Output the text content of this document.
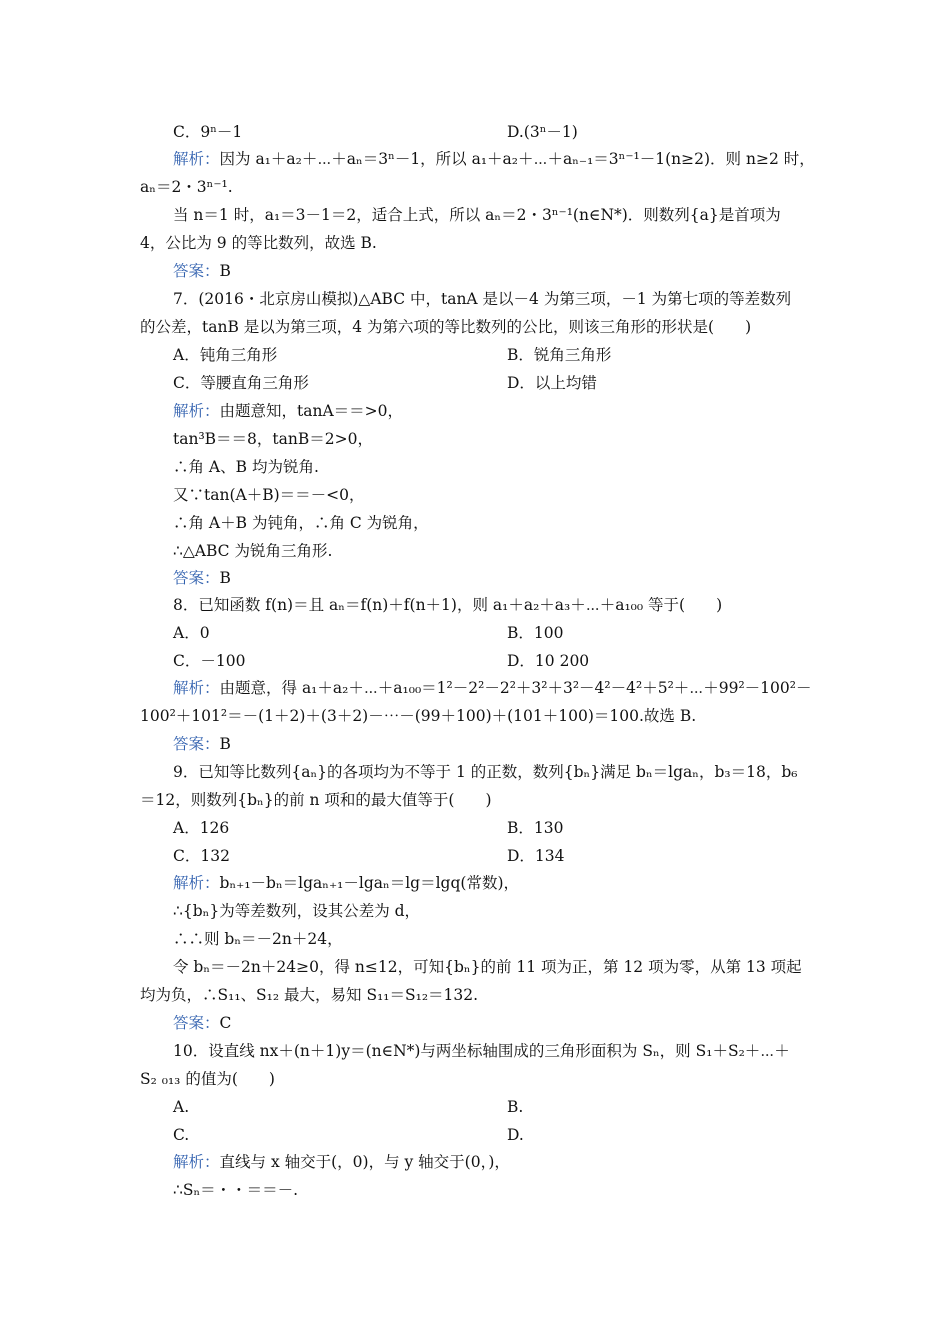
C．9ⁿ－1	D.(3ⁿ－1)
解析：因为 a₁＋a₂＋⋯＋aₙ＝3ⁿ－1，所以 a₁＋a₂＋⋯＋aₙ₋₁＝3ⁿ⁻¹－1(n≥2)．则 n≥2 时，
aₙ＝2・3ⁿ⁻¹.
当 n＝1 时，a₁＝3－1＝2，适合上式，所以 aₙ＝2・3ⁿ⁻¹(n∈N*)．则数列{a}是首项为
4，公比为 9 的等比数列，故选 B.
答案：B
7．(2016・北京房山模拟)△ABC 中，tanA 是以－4 为第三项，－1 为第七项的等差数列
的公差，tanB 是以为第三项，4 为第六项的等比数列的公比，则该三角形的形状是(　　)
A．钝角三角形	B．锐角三角形
C．等腰直角三角形	D．以上均错
解析：由题意知，tanA＝＝>0，
tan³B＝＝8，tanB＝2>0，
∴角 A、B 均为锐角.
又∵tan(A＋B)＝＝－<0，
∴角 A＋B 为钝角，∴角 C 为锐角，
∴△ABC 为锐角三角形.
答案：B
8．已知函数 f(n)＝且 aₙ＝f(n)＋f(n＋1)，则 a₁＋a₂＋a₃＋⋯＋a₁₀₀ 等于(　　)
A．0	B．100
C．－100	D．10 200
解析：由题意，得 a₁＋a₂＋⋯＋a₁₀₀＝1²－2²－2²＋3²＋3²－4²－4²＋5²＋⋯＋99²－100²－
100²＋101²＝－(1＋2)＋(3＋2)－⋯－(99＋100)＋(101＋100)＝100.故选 B.
答案：B
9．已知等比数列{aₙ}的各项均为不等于 1 的正数，数列{bₙ}满足 bₙ＝lgaₙ，b₃＝18，b₆
＝12，则数列{bₙ}的前 n 项和的最大值等于(　　)
A．126	B．130
C．132	D．134
解析：bₙ₊₁－bₙ＝lgaₙ₊₁－lgaₙ＝lg＝lgq(常数)，
∴{bₙ}为等差数列，设其公差为 d，
∴∴则 bₙ＝－2n＋24，
令 bₙ＝－2n＋24≥0，得 n≤12，可知{bₙ}的前 11 项为正，第 12 项为零，从第 13 项起
均为负，∴S₁₁、S₁₂ 最大，易知 S₁₁＝S₁₂＝132.
答案：C
10．设直线 nx＋(n＋1)y＝(n∈N*)与两坐标轴围成的三角形面积为 Sₙ，则 S₁＋S₂＋⋯＋
S₂ ₀₁₃ 的值为(　　)
A.	B.
C.	D.
解析：直线与 x 轴交于(，0)，与 y 轴交于(0，)，
∴Sₙ＝・・＝＝－.
